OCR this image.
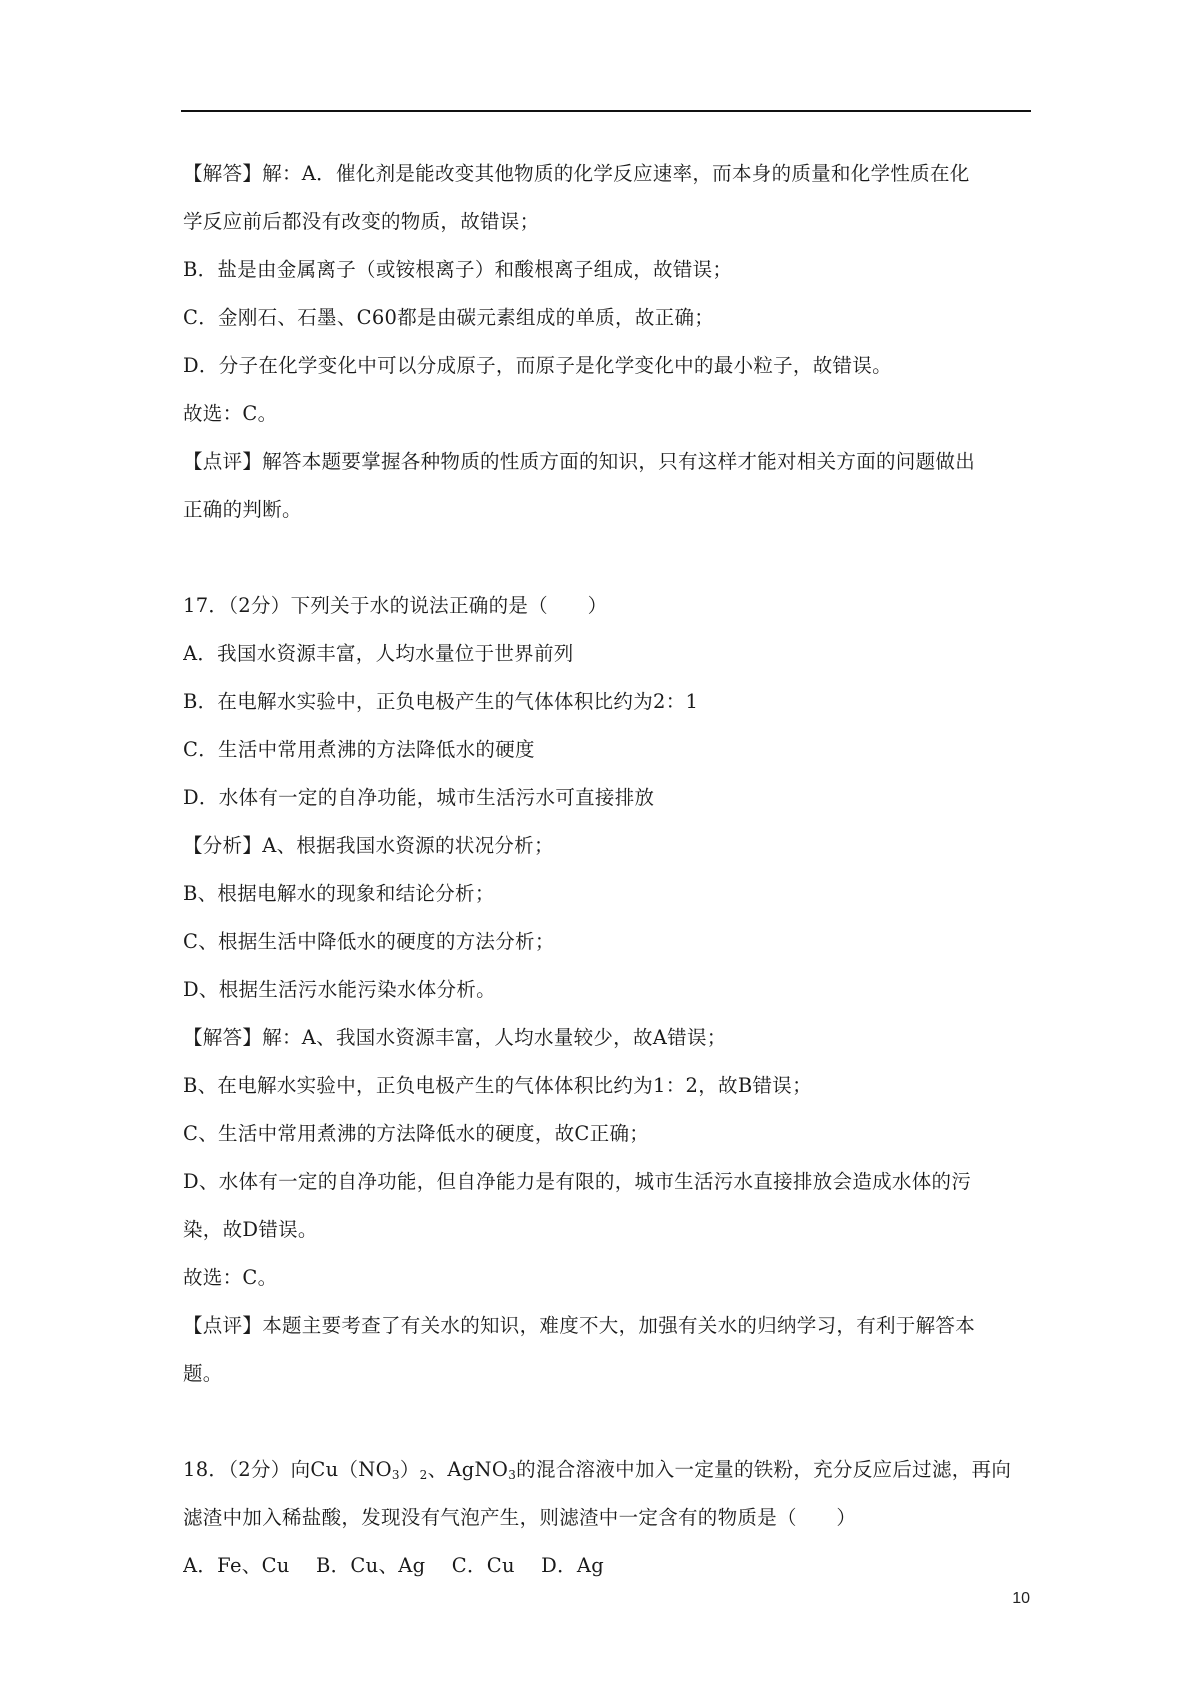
【解答】解：A．催化剂是能改变其他物质的化学反应速率，而本身的质量和化学性质在化
学反应前后都没有改变的物质，故错误；
B．盐是由金属离子（或铵根离子）和酸根离子组成，故错误；
C．金刚石、石墨、C60都是由碳元素组成的单质，故正确；
D．分子在化学变化中可以分成原子，而原子是化学变化中的最小粒子，故错误。
故选：C。
【点评】解答本题要掌握各种物质的性质方面的知识，只有这样才能对相关方面的问题做出
正确的判断。
17．（2分）下列关于水的说法正确的是（　　）
A．我国水资源丰富，人均水量位于世界前列
B．在电解水实验中，正负电极产生的气体体积比约为2：1
C．生活中常用煮沸的方法降低水的硬度
D．水体有一定的自净功能，城市生活污水可直接排放
【分析】A、根据我国水资源的状况分析；
B、根据电解水的现象和结论分析；
C、根据生活中降低水的硬度的方法分析；
D、根据生活污水能污染水体分析。
【解答】解：A、我国水资源丰富，人均水量较少，故A错误；
B、在电解水实验中，正负电极产生的气体体积比约为1：2，故B错误；
C、生活中常用煮沸的方法降低水的硬度，故C正确；
D、水体有一定的自净功能，但自净能力是有限的，城市生活污水直接排放会造成水体的污
染，故D错误。
故选：C。
【点评】本题主要考查了有关水的知识，难度不大，加强有关水的归纳学习，有利于解答本
题。
18．（2分）向$Cu(NO_3)_2$、AgNO$_3$的混合溶液中加入一定量的铁粉，充分反应后过滤，再向
滤渣中加入稀盐酸，发现没有气泡产生，则滤渣中一定含有的物质是（　　）
A．Fe、Cu　 B．Cu、Ag　 C．Cu　 D．Ag
10
